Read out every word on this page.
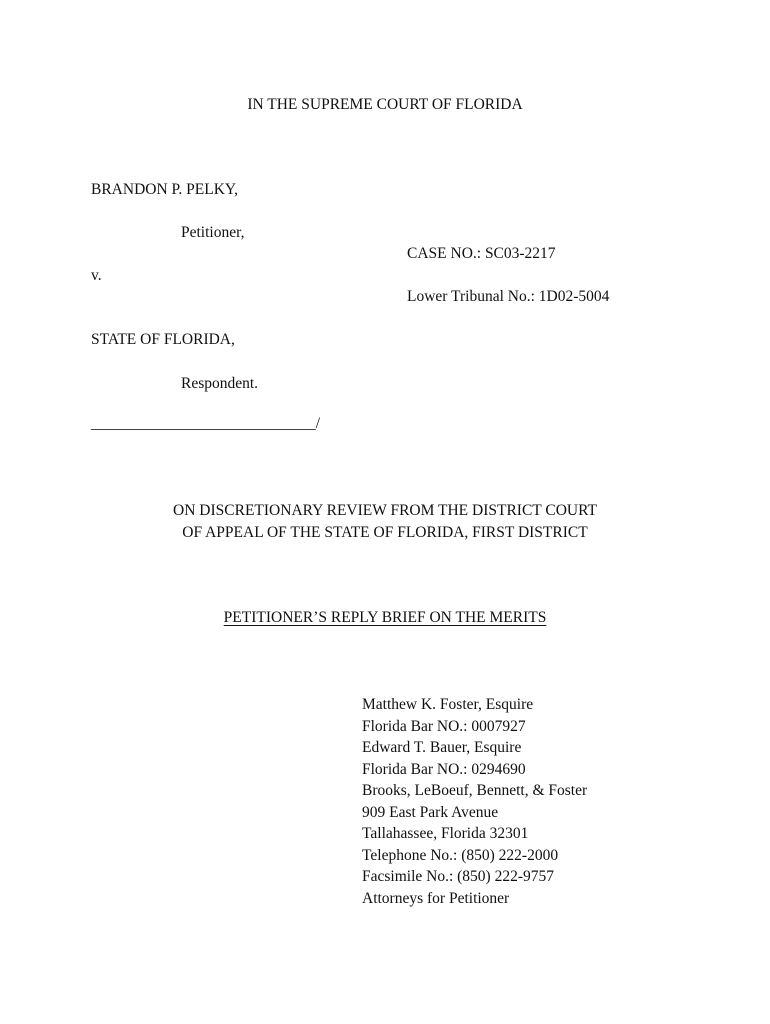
IN THE SUPREME COURT OF FLORIDA
BRANDON P. PELKY,
Petitioner,
v.
STATE OF FLORIDA,
Respondent.
_____________________________/
CASE NO.: SC03-2217
Lower Tribunal No.: 1D02-5004
ON DISCRETIONARY REVIEW FROM THE DISTRICT COURT
OF APPEAL OF THE STATE OF FLORIDA, FIRST DISTRICT
PETITIONER’S REPLY BRIEF ON THE MERITS
Matthew K. Foster, Esquire
Florida Bar NO.: 0007927
Edward T. Bauer, Esquire
Florida Bar NO.: 0294690
Brooks, LeBoeuf, Bennett, & Foster
909 East Park Avenue
Tallahassee, Florida 32301
Telephone No.: (850) 222-2000
Facsimile No.: (850) 222-9757
Attorneys for Petitioner
